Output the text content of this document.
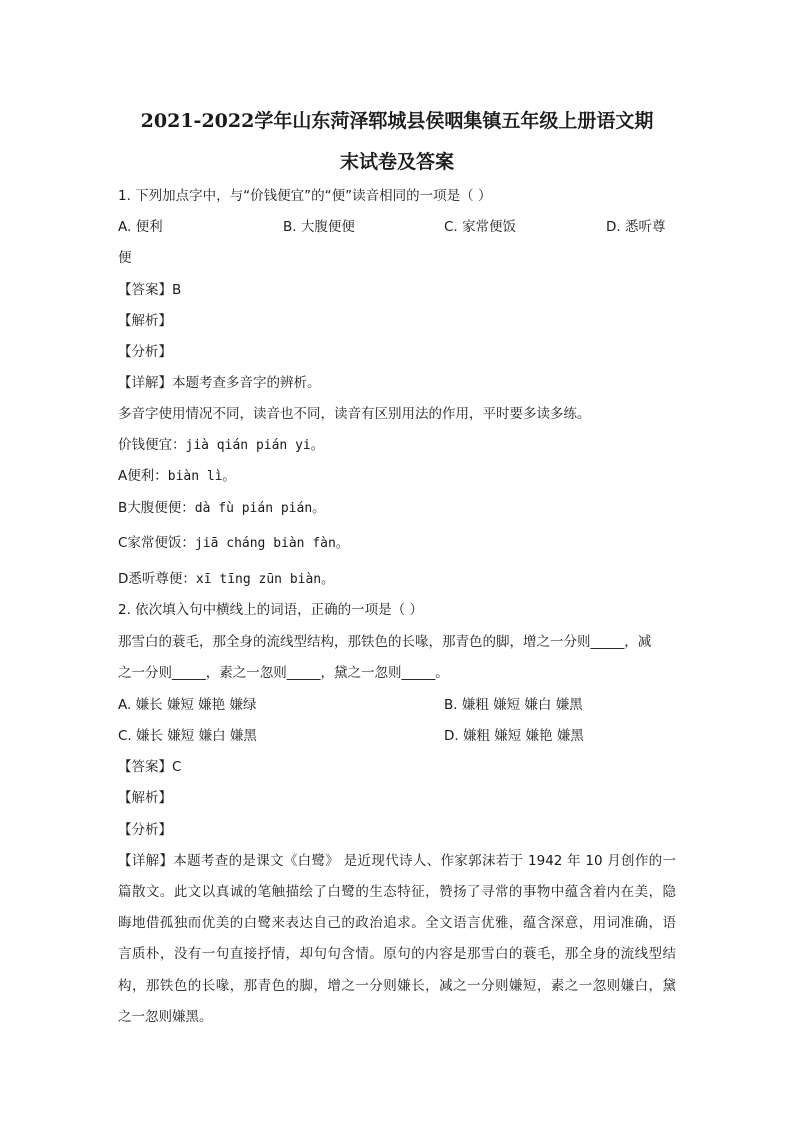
2021-2022学年山东菏泽郓城县侯咽集镇五年级上册语文期
末试卷及答案
1. 下列加点字中，与“价钱便宜”的“便”读音相同的一项是（ ）
A. 便利	B. 大腹便便	C. 家常便饭	D. 悉听尊
便
【答案】B
【解析】
【分析】
【详解】本题考查多音字的辨析。
多音字使用情况不同，读音也不同，读音有区别用法的作用，平时要多读多练。
价钱便宜：jià qián pián yi。
A便利：biàn lì。
B大腹便便：dà fù pián pián。
C家常便饭：jiā cháng biàn fàn。
D悉听尊便：xī tīng zūn biàn。
2. 依次填入句中横线上的词语，正确的一项是（ ）
那雪白的蓑毛，那全身的流线型结构，那铁色的长喙，那青色的脚，增之一分则_____，减
之一分则_____，素之一忽则_____，黛之一忽则_____。
A. 嫌长 嫌短 嫌艳 嫌绿	B. 嫌粗 嫌短 嫌白 嫌黑
C. 嫌长 嫌短 嫌白 嫌黑	D. 嫌粗 嫌短 嫌艳 嫌黑
【答案】C
【解析】
【分析】
【详解】本题考查的是课文《白鹭》 是近现代诗人、作家郭沫若于 1942 年 10 月创作的一
篇散文。此文以真诚的笔触描绘了白鹭的生态特征，赞扬了寻常的事物中蕴含着内在美，隐
晦地借孤独而优美的白鹭来表达自己的政治追求。全文语言优雅，蕴含深意，用词准确，语
言质朴，没有一句直接抒情，却句句含情。原句的内容是那雪白的蓑毛，那全身的流线型结
构，那铁色的长喙，那青色的脚，增之一分则嫌长，减之一分则嫌短，素之一忽则嫌白，黛
之一忽则嫌黑。
